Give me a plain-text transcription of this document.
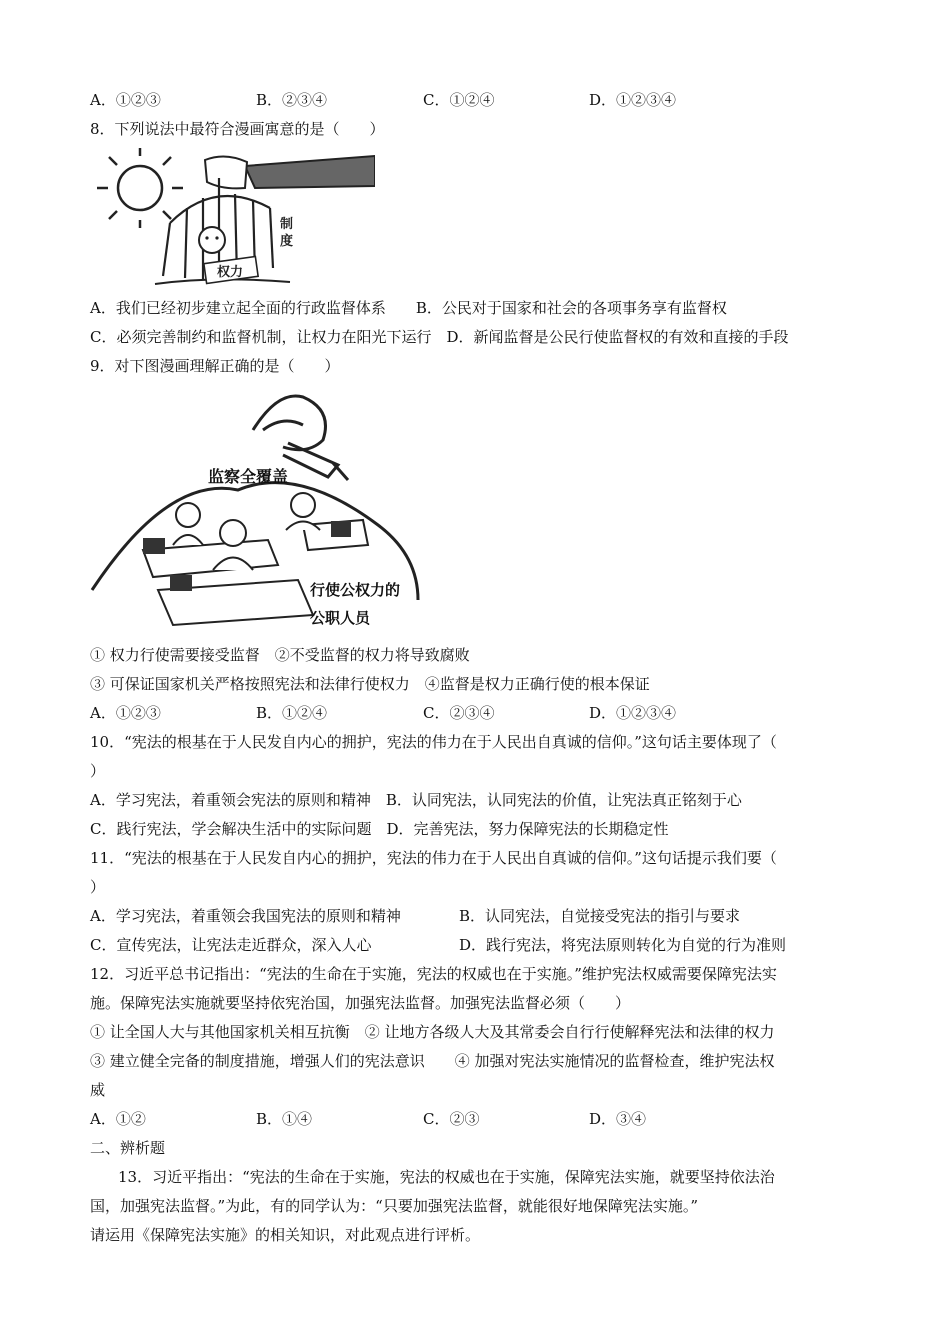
A．①②③	B．②③④	C．①②④	D．①②③④
8．下列说法中最符合漫画寓意的是（　　）
权力
制
度
A．我们已经初步建立起全面的行政监督体系　　B．公民对于国家和社会的各项事务享有监督权
C．必须完善制约和监督机制，让权力在阳光下运行　D．新闻监督是公民行使监督权的有效和直接的手段
9．对下图漫画理解正确的是（　　）
监察全覆盖
行使公权力的
公职人员
① 权力行使需要接受监督　②不受监督的权力将导致腐败
③ 可保证国家机关严格按照宪法和法律行使权力　④监督是权力正确行使的根本保证
A．①②③	B．①②④	C．②③④	D．①②③④
10．“宪法的根基在于人民发自内心的拥护，宪法的伟力在于人民出自真诚的信仰。”这句话主要体现了（
）
A．学习宪法，着重领会宪法的原则和精神　B．认同宪法，认同宪法的价值，让宪法真正铭刻于心
C．践行宪法，学会解决生活中的实际问题　D．完善宪法，努力保障宪法的长期稳定性
11．“宪法的根基在于人民发自内心的拥护，宪法的伟力在于人民出自真诚的信仰。”这句话提示我们要（
）
A．学习宪法，着重领会我国宪法的原则和精神	B．认同宪法，自觉接受宪法的指引与要求
C．宣传宪法，让宪法走近群众，深入人心	D．践行宪法，将宪法原则转化为自觉的行为准则
12．习近平总书记指出：“宪法的生命在于实施，宪法的权威也在于实施。”维护宪法权威需要保障宪法实
施。保障宪法实施就要坚持依宪治国，加强宪法监督。加强宪法监督必须（　　）
① 让全国人大与其他国家机关相互抗衡　② 让地方各级人大及其常委会自行行使解释宪法和法律的权力
③ 建立健全完备的制度措施，增强人们的宪法意识　　④ 加强对宪法实施情况的监督检查，维护宪法权
威
A．①②	B．①④	C．②③	D．③④
二、辨析题
13．习近平指出：“宪法的生命在于实施，宪法的权威也在于实施，保障宪法实施，就要坚持依法治
国，加强宪法监督。”为此，有的同学认为：“只要加强宪法监督，就能很好地保障宪法实施。”
请运用《保障宪法实施》的相关知识，对此观点进行评析。
